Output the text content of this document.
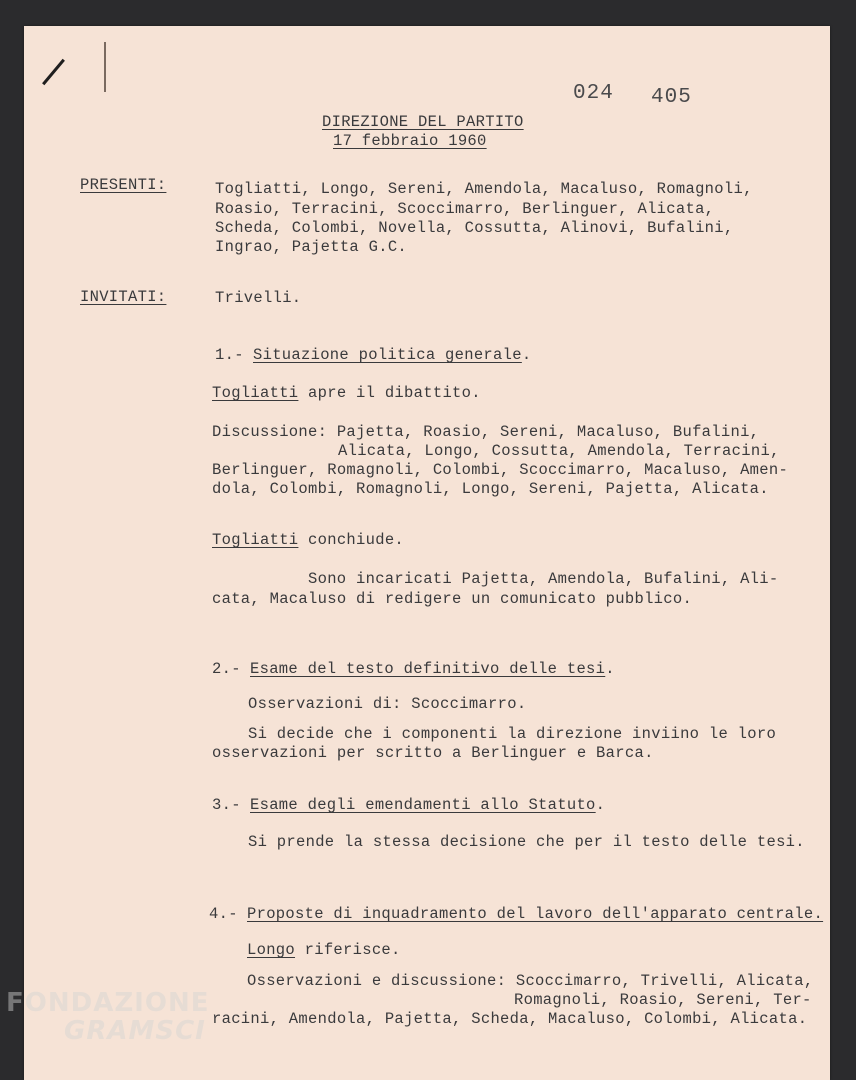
024 405
DIREZIONE DEL PARTITO
17 febbraio 1960
PRESENTI:	Togliatti, Longo, Sereni, Amendola, Macaluso, Romagnoli,
Roasio, Terracini, Scoccimarro, Berlinguer, Alicata,
Scheda, Colombi, Novella, Cossutta, Alinovi, Bufalini,
Ingrao, Pajetta G.C.
INVITATI:	Trivelli.
1.- Situazione politica generale.
Togliatti apre il dibattito.
Discussione: Pajetta, Roasio, Sereni, Macaluso, Bufalini,
Alicata, Longo, Cossutta, Amendola, Terracini,
Berlinguer, Romagnoli, Colombi, Scoccimarro, Macaluso, Amen-
dola, Colombi, Romagnoli, Longo, Sereni, Pajetta, Alicata.
Togliatti conchiude.
Sono incaricati Pajetta, Amendola, Bufalini, Ali-
cata, Macaluso di redigere un comunicato pubblico.
2.- Esame del testo definitivo delle tesi.
Osservazioni di: Scoccimarro.
Si decide che i componenti la direzione inviino le loro
osservazioni per scritto a Berlinguer e Barca.
3.- Esame degli emendamenti allo Statuto.
Si prende la stessa decisione che per il testo delle tesi.
4.- Proposte di inquadramento del lavoro dell'apparato centrale.
Longo riferisce.
Osservazioni e discussione: Scoccimarro, Trivelli, Alicata,
Romagnoli, Roasio, Sereni, Ter-
racini, Amendola, Pajetta, Scheda, Macaluso, Colombi, Alicata.
FONDAZIONE
GRAMSCI
